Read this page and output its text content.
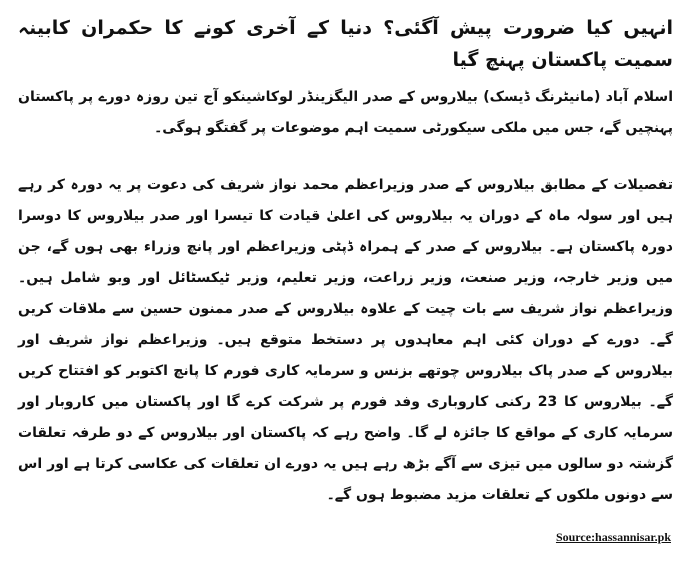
انہیں کیا ضرورت پیش آگئی؟ دنیا کے آخری کونے کا حکمران کابینہ سمیت پاکستان پہنچ گیا

اسلام آباد (مانیٹرنگ ڈیسک) بیلاروس کے صدر الیگزینڈر لوکاشینکو آج تین روزہ دورے پر پاکستان پہنچیں گے، جس میں ملکی سیکورٹی سمیت اہم موضوعات پر گفتگو ہوگی۔

تفصیلات کے مطابق بیلاروس کے صدر وزیراعظم محمد نواز شریف کی دعوت پر یہ دورہ کر رہے ہیں اور سولہ ماہ کے دوران یہ بیلاروس کی اعلیٰ قیادت کا تیسرا اور صدر بیلاروس کا دوسرا دورہ پاکستان ہے۔ بیلاروس کے صدر کے ہمراہ ڈپٹی وزیراعظم اور پانچ وزراء بھی ہوں گے، جن میں وزیر خارجہ، وزیر صنعت، وزیر زراعت، وزیر تعلیم، وزیر ٹیکسٹائل اور وبو شامل ہیں۔ وزیراعظم نواز شریف سے بات چیت کے علاوہ بیلاروس کے صدر ممنون حسین سے ملاقات کریں گے۔ دورے کے دوران کئی اہم معاہدوں پر دستخط متوقع ہیں۔ وزیراعظم نواز شریف اور بیلاروس کے صدر پاک بیلاروس چوتھے بزنس و سرمایہ کاری فورم کا پانچ اکتوبر کو افتتاح کریں گے۔ بیلاروس کا 23 رکنی کاروباری وفد فورم پر شرکت کرے گا اور پاکستان میں کاروبار اور سرمایہ کاری کے مواقع کا جائزہ لے گا۔ واضح رہے کہ پاکستان اور بیلاروس کے دو طرفہ تعلقات گزشتہ دو سالوں میں تیزی سے آگے بڑھ رہے ہیں یہ دورے ان تعلقات کی عکاسی کرتا ہے اور اس سے دونوں ملکوں کے تعلقات مزید مضبوط ہوں گے۔

Source:hassannisar.pk
